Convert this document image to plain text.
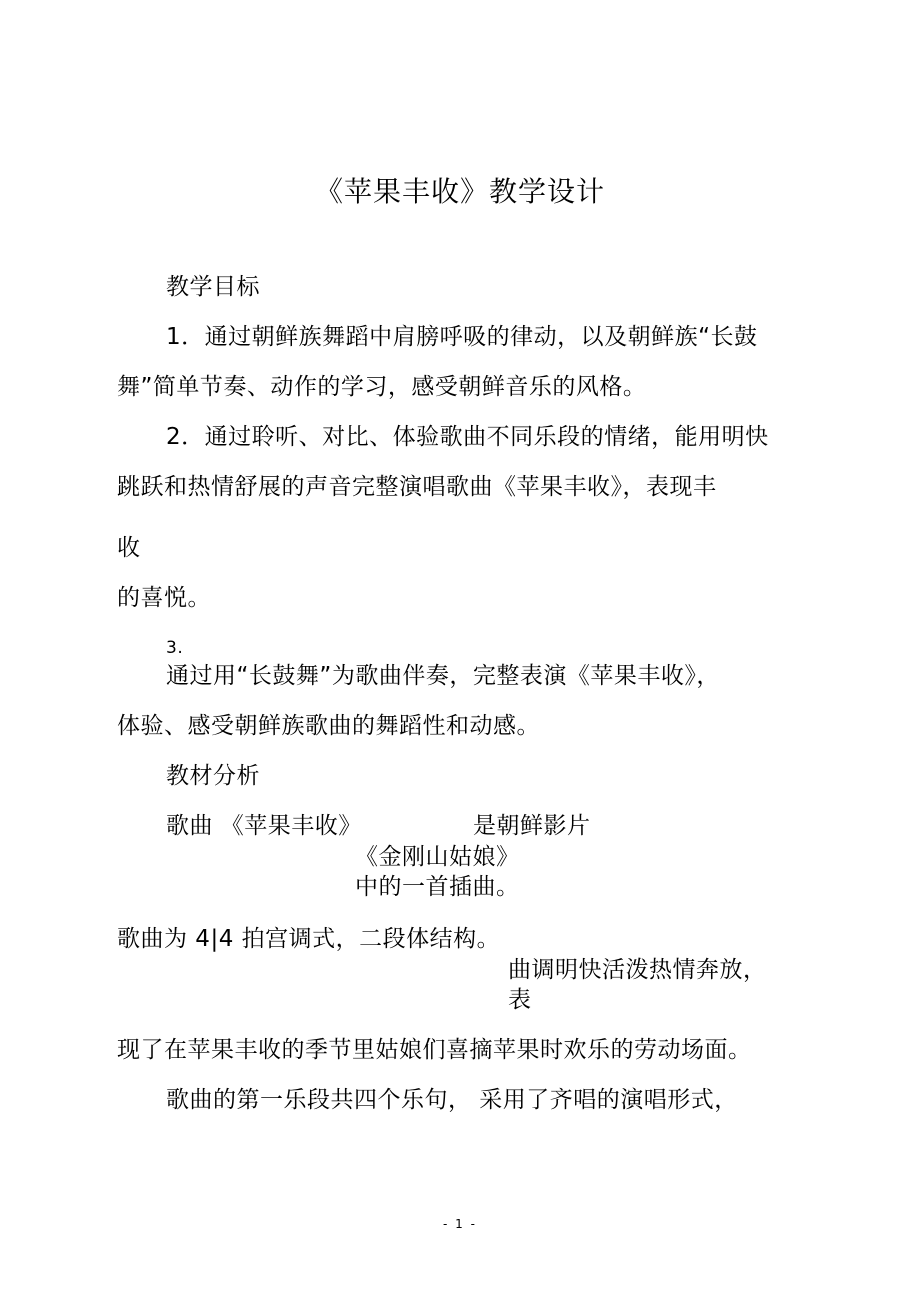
《苹果丰收》教学设计
教学目标
1．通过朝鲜族舞蹈中肩膀呼吸的律动，以及朝鲜族“长鼓
舞”简单节奏、动作的学习，感受朝鲜音乐的风格。
2．通过聆听、对比、体验歌曲不同乐段的情绪，能用明快
跳跃和热情舒展的声音完整演唱歌曲《苹果丰收》，表现丰
收
的喜悦。
3.
通过用“长鼓舞”为歌曲伴奏，完整表演《苹果丰收》，
体验、感受朝鲜族歌曲的舞蹈性和动感。
教材分析
歌曲 《苹果丰收》	是朝鲜影片
《金刚山姑娘》
中的一首插曲。
歌曲为 4|4 拍宫调式，二段体结构。
曲调明快活泼热情奔放，
表
现了在苹果丰收的季节里姑娘们喜摘苹果时欢乐的劳动场面。
歌曲的第一乐段共四个乐句， 采用了齐唱的演唱形式，
- 1 -
